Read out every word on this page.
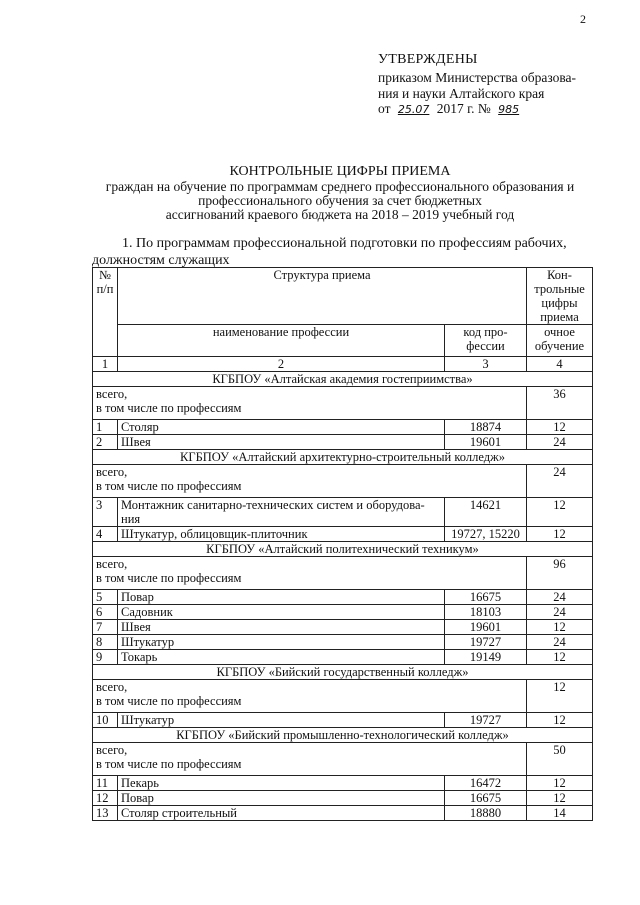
2
УТВЕРЖДЕНЫ
приказом Министерства образова-
ния и науки Алтайского края
от 25.07 2017 г. № 985
КОНТРОЛЬНЫЕ ЦИФРЫ ПРИЕМА
граждан на обучение по программам среднего профессионального образования и
профессионального обучения за счет бюджетных
ассигнований краевого бюджета на 2018 – 2019 учебный год
1. По программам профессиональной подготовки по профессиям рабочих,
должностям служащих
№ п/п	Структура приема		Кон-трольные цифры приема
	наименование профессии	код про-фессии	очное обучение
1	2	3	4
КГБПОУ «Алтайская академия гостеприимства»			

всего,
в том числе по профессиям			36
1	Столяр	18874	12
2	Швея	19601	24
КГБПОУ «Алтайский архитектурно-строительный колледж»			

всего,
в том числе по профессиям			24
3	Монтажник санитарно-технических систем и оборудова-ния	14621	12
4	Штукатур, облицовщик-плиточник	19727, 15220	12
КГБПОУ «Алтайский политехнический техникум»			

всего,
в том числе по профессиям			96
5	Повар	16675	24
6	Садовник	18103	24
7	Швея	19601	12
8	Штукатур	19727	24
9	Токарь	19149	12
КГБПОУ «Бийский государственный колледж»			

всего,
в том числе по профессиям			12
10	Штукатур	19727	12
КГБПОУ «Бийский промышленно-технологический колледж»			

всего,
в том числе по профессиям			50
11	Пекарь	16472	12
12	Повар	16675	12
13	Столяр строительный	18880	14
